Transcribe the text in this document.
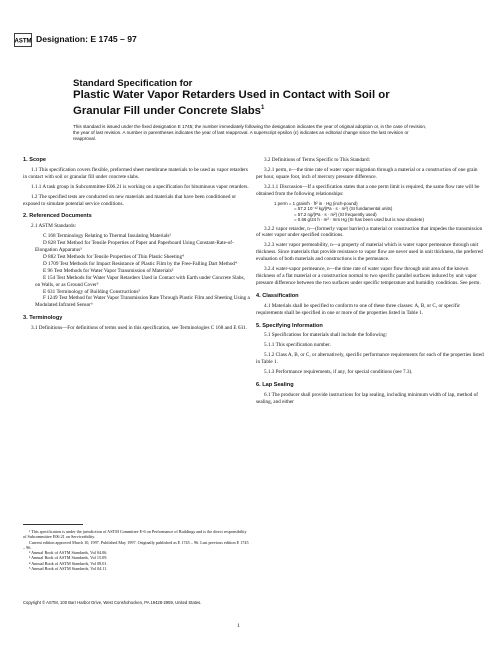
ASTM Designation: E 1745 – 97
Standard Specification for
Plastic Water Vapor Retarders Used in Contact with Soil or
Granular Fill under Concrete Slabs$^1$
This standard is issued under the fixed designation E 1745; the number immediately following the designation indicates the year of original adoption or, in the case of revision, the year of last revision. A number in parentheses indicates the year of last reapproval. A superscript epsilon (ε) indicates an editorial change since the last revision or reapproval.
1. Scope

1.1 This specification covers flexible, preformed sheet membrane materials to be used as vapor retarders in contact with soil or granular fill under concrete slabs.

1.1.1 A task group in Subcommittee E06.21 is working on a specification for bituminous vapor retarders.

1.2 The specified tests are conducted on new materials and materials that have been conditioned or exposed to simulate potential service conditions.

2. Referenced Documents

2.1 ASTM Standards:

C 168 Terminology Relating to Thermal Insulating Materials²
D 828 Test Method for Tensile Properties of Paper and Paperboard Using Constant-Rate-of-Elongation Apparatus³
D 882 Test Methods for Tensile Properties of Thin Plastic Sheeting⁴
D 1709 Test Methods for Impact Resistance of Plastic Film by the Free-Falling Dart Method⁴
E 96 Test Methods for Water Vapor Transmission of Materials²
E 154 Test Methods for Water Vapor Retarders Used in Contact with Earth under Concrete Slabs, on Walls, or as Ground Cover⁵
E 631 Terminology of Building Constructions⁵
F 1249 Test Method for Water Vapor Transmission Rate Through Plastic Film and Sheeting Using a Modulated Infrared Sensor⁶
3. Terminology

3.1 Definitions—For definitions of terms used in this specification, see Terminologies C 168 and E 631.

3.2 Definitions of Terms Specific to This Standard:

3.2.1 perm, n—the time rate of water vapor migration through a material or a construction of one grain per hour, square foot, inch of mercury pressure difference.

3.2.1.1 Discussion—If a specification states that a one perm limit is required, the same flow rate will be obtained from the following relationships:

1 perm = 1 grain/h · ft² in · Hg (inch-pound)
= 57.2 10⁻¹² kg/(Pa · s · m²) (SI fundamental units)
= 57.2 ng/(Pa · s · m²) (SI frequently used)
= 0.66 g/24 h · m² · mm Hg (SI has been used but is now obsolete)

3.2.2 vapor retarder, n—(formerly vapor barrier) a material or construction that impedes the transmission of water vapor under specified conditions.

3.2.3 water vapor permeability, n—a property of material which is water vapor permeance through unit thickness. Since materials that provide resistance to vapor flow are never used in unit thickness, the preferred evaluation of both materials and constructions is the permeance.

3.2.4 water-vapor permeance, n—the time rate of water vapor flow through unit area of the known thickness of a flat material or a construction normal to two specific parallel surfaces induced by unit vapor pressure difference between the two surfaces under specific temperature and humidity conditions. See perm.

4. Classification

4.1 Materials shall be specified to conform to one of these three classes: A, B, or C, or specific requirements shall be specified in one or more of the properties listed in Table 1.

5. Specifying Information

5.1 Specifications for materials shall include the following:

5.1.1 This specification number.

5.1.2 Class A, B, or C, or alternatively, specific performance requirements for each of the properties listed in Table 1.

5.1.3 Performance requirements, if any, for special conditions (see 7.3).

6. Lap Sealing

6.1 The producer shall provide instructions for lap sealing, including minimum width of lap, method of sealing, and either

¹ This specification is under the jurisdiction of ASTM Committee E-6 on Performance of Buildings and is the direct responsibility of Subcommittee E06.21 on Serviceability.
Current edition approved March 10, 1997. Published May 1997. Originally published as E 1745 – 96. Last previous edition E 1745 – 96.
² Annual Book of ASTM Standards, Vol 04.06.
³ Annual Book of ASTM Standards, Vol 15.09.
⁴ Annual Book of ASTM Standards, Vol 08.01.
⁵ Annual Book of ASTM Standards, Vol 04.11.
Copyright © ASTM, 100 Barr Harbor Drive, West Conshohocken, PA 19428-2959, United States.
1
